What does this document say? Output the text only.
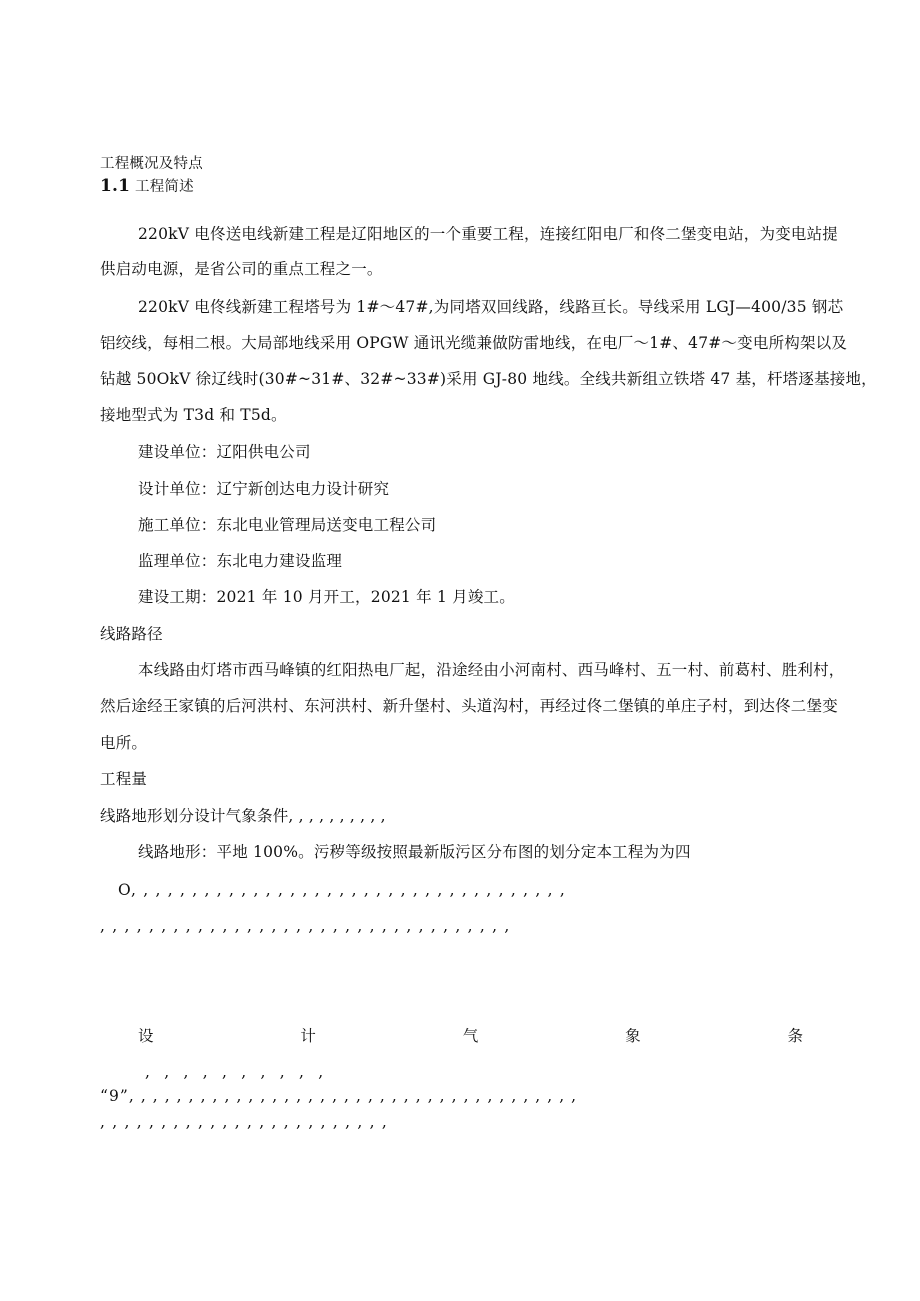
工程概况及特点
1.1 工程简述
220kV 电佟送电线新建工程是辽阳地区的一个重要工程，连接红阳电厂和佟二堡变电站，为变电站提
供启动电源，是省公司的重点工程之一。
220kV 电佟线新建工程塔号为 1#～47#,为同塔双回线路，线路亘长。导线采用 LGJ—400/35 钢芯
铝绞线，每相二根。大局部地线采用 OPGW 通讯光缆兼做防雷地线，在电厂～1#、47#～变电所构架以及
钻越 50OkV 徐辽线时(30#~31#、32#~33#)采用 GJ-80 地线。全线共新组立铁塔 47 基，杆塔逐基接地，
接地型式为 T3d 和 T5d。
建设单位：辽阳供电公司
设计单位：辽宁新创达电力设计研究
施工单位：东北电业管理局送变电工程公司
监理单位：东北电力建设监理
建设工期：2021 年 10 月开工，2021 年 1 月竣工。
线路路径
本线路由灯塔市西马峰镇的红阳热电厂起，沿途经由小河南村、西马峰村、五一村、前葛村、胜利村，
然后途经王家镇的后河洪村、东河洪村、新升堡村、头道沟村，再经过佟二堡镇的单庄子村，到达佟二堡变
电所。
工程量
线路地形划分设计气象条件, , , , , , , , , ,
线路地形：平地 100%。污秽等级按照最新版污区分布图的划分定本工程为为四
O, , , , , , , , , , , , , , , , , , , , , , , , , , , , , , , , , , , ,
, , , , , , , , , , , , , , , , , , , , , , , , , , , , , , , , , ,
设	计	气	象	条
, , , , , , , , , ,
“9”, , , , , , , , , , , , , , , , , , , , , , , , , , , , , , , , , , , , , ,
, , , , , , , , , , , , , , , , , , , , , , , ,
